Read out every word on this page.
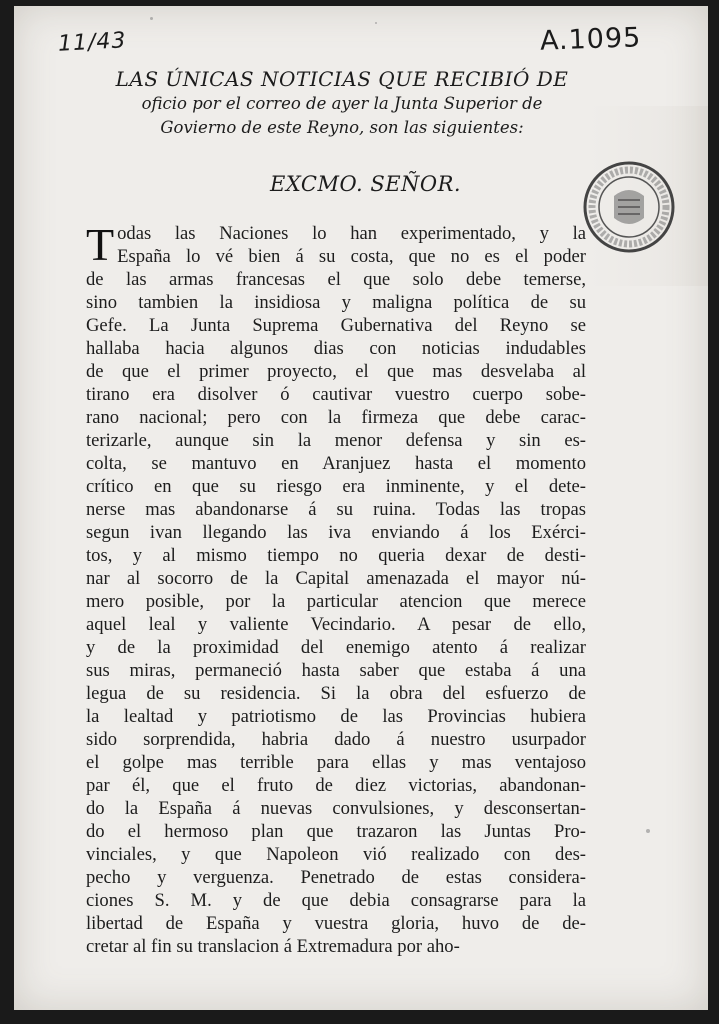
11/43	A.1095
LAS ÚNICAS NOTICIAS QUE RECIBIÓ DE
oficio por el correo de ayer la Junta Superior de
Govierno de este Reyno, son las siguientes:
EXCMO. SEÑOR.
T odas las Naciones lo han experimentado, y la
España lo vé bien á su costa, que no es el poder
de las armas francesas el que solo debe temerse,
sino tambien la insidiosa y maligna política de su
Gefe. La Junta Suprema Gubernativa del Reyno se
hallaba hacia algunos dias con noticias indudables
de que el primer proyecto, el que mas desvelaba al
tirano era disolver ó cautivar vuestro cuerpo sobe-
rano nacional; pero con la firmeza que debe carac-
terizarle, aunque sin la menor defensa y sin es-
colta, se mantuvo en Aranjuez hasta el momento
crítico en que su riesgo era inminente, y el dete-
nerse mas abandonarse á su ruina. Todas las tropas
segun ivan llegando las iva enviando á los Exérci-
tos, y al mismo tiempo no queria dexar de desti-
nar al socorro de la Capital amenazada el mayor nú-
mero posible, por la particular atencion que merece
aquel leal y valiente Vecindario. A pesar de ello,
y de la proximidad del enemigo atento á realizar
sus miras, permaneció hasta saber que estaba á una
legua de su residencia. Si la obra del esfuerzo de
la lealtad y patriotismo de las Provincias hubiera
sido sorprendida, habria dado á nuestro usurpador
el golpe mas terrible para ellas y mas ventajoso
par él, que el fruto de diez victorias, abandonan-
do la España á nuevas convulsiones, y desconsertan-
do el hermoso plan que trazaron las Juntas Pro-
vinciales, y que Napoleon vió realizado con des-
pecho y verguenza. Penetrado de estas considera-
ciones S. M. y de que debia consagrarse para la
libertad de España y vuestra gloria, huvo de de-
cretar al fin su translacion á Extremadura por aho-
